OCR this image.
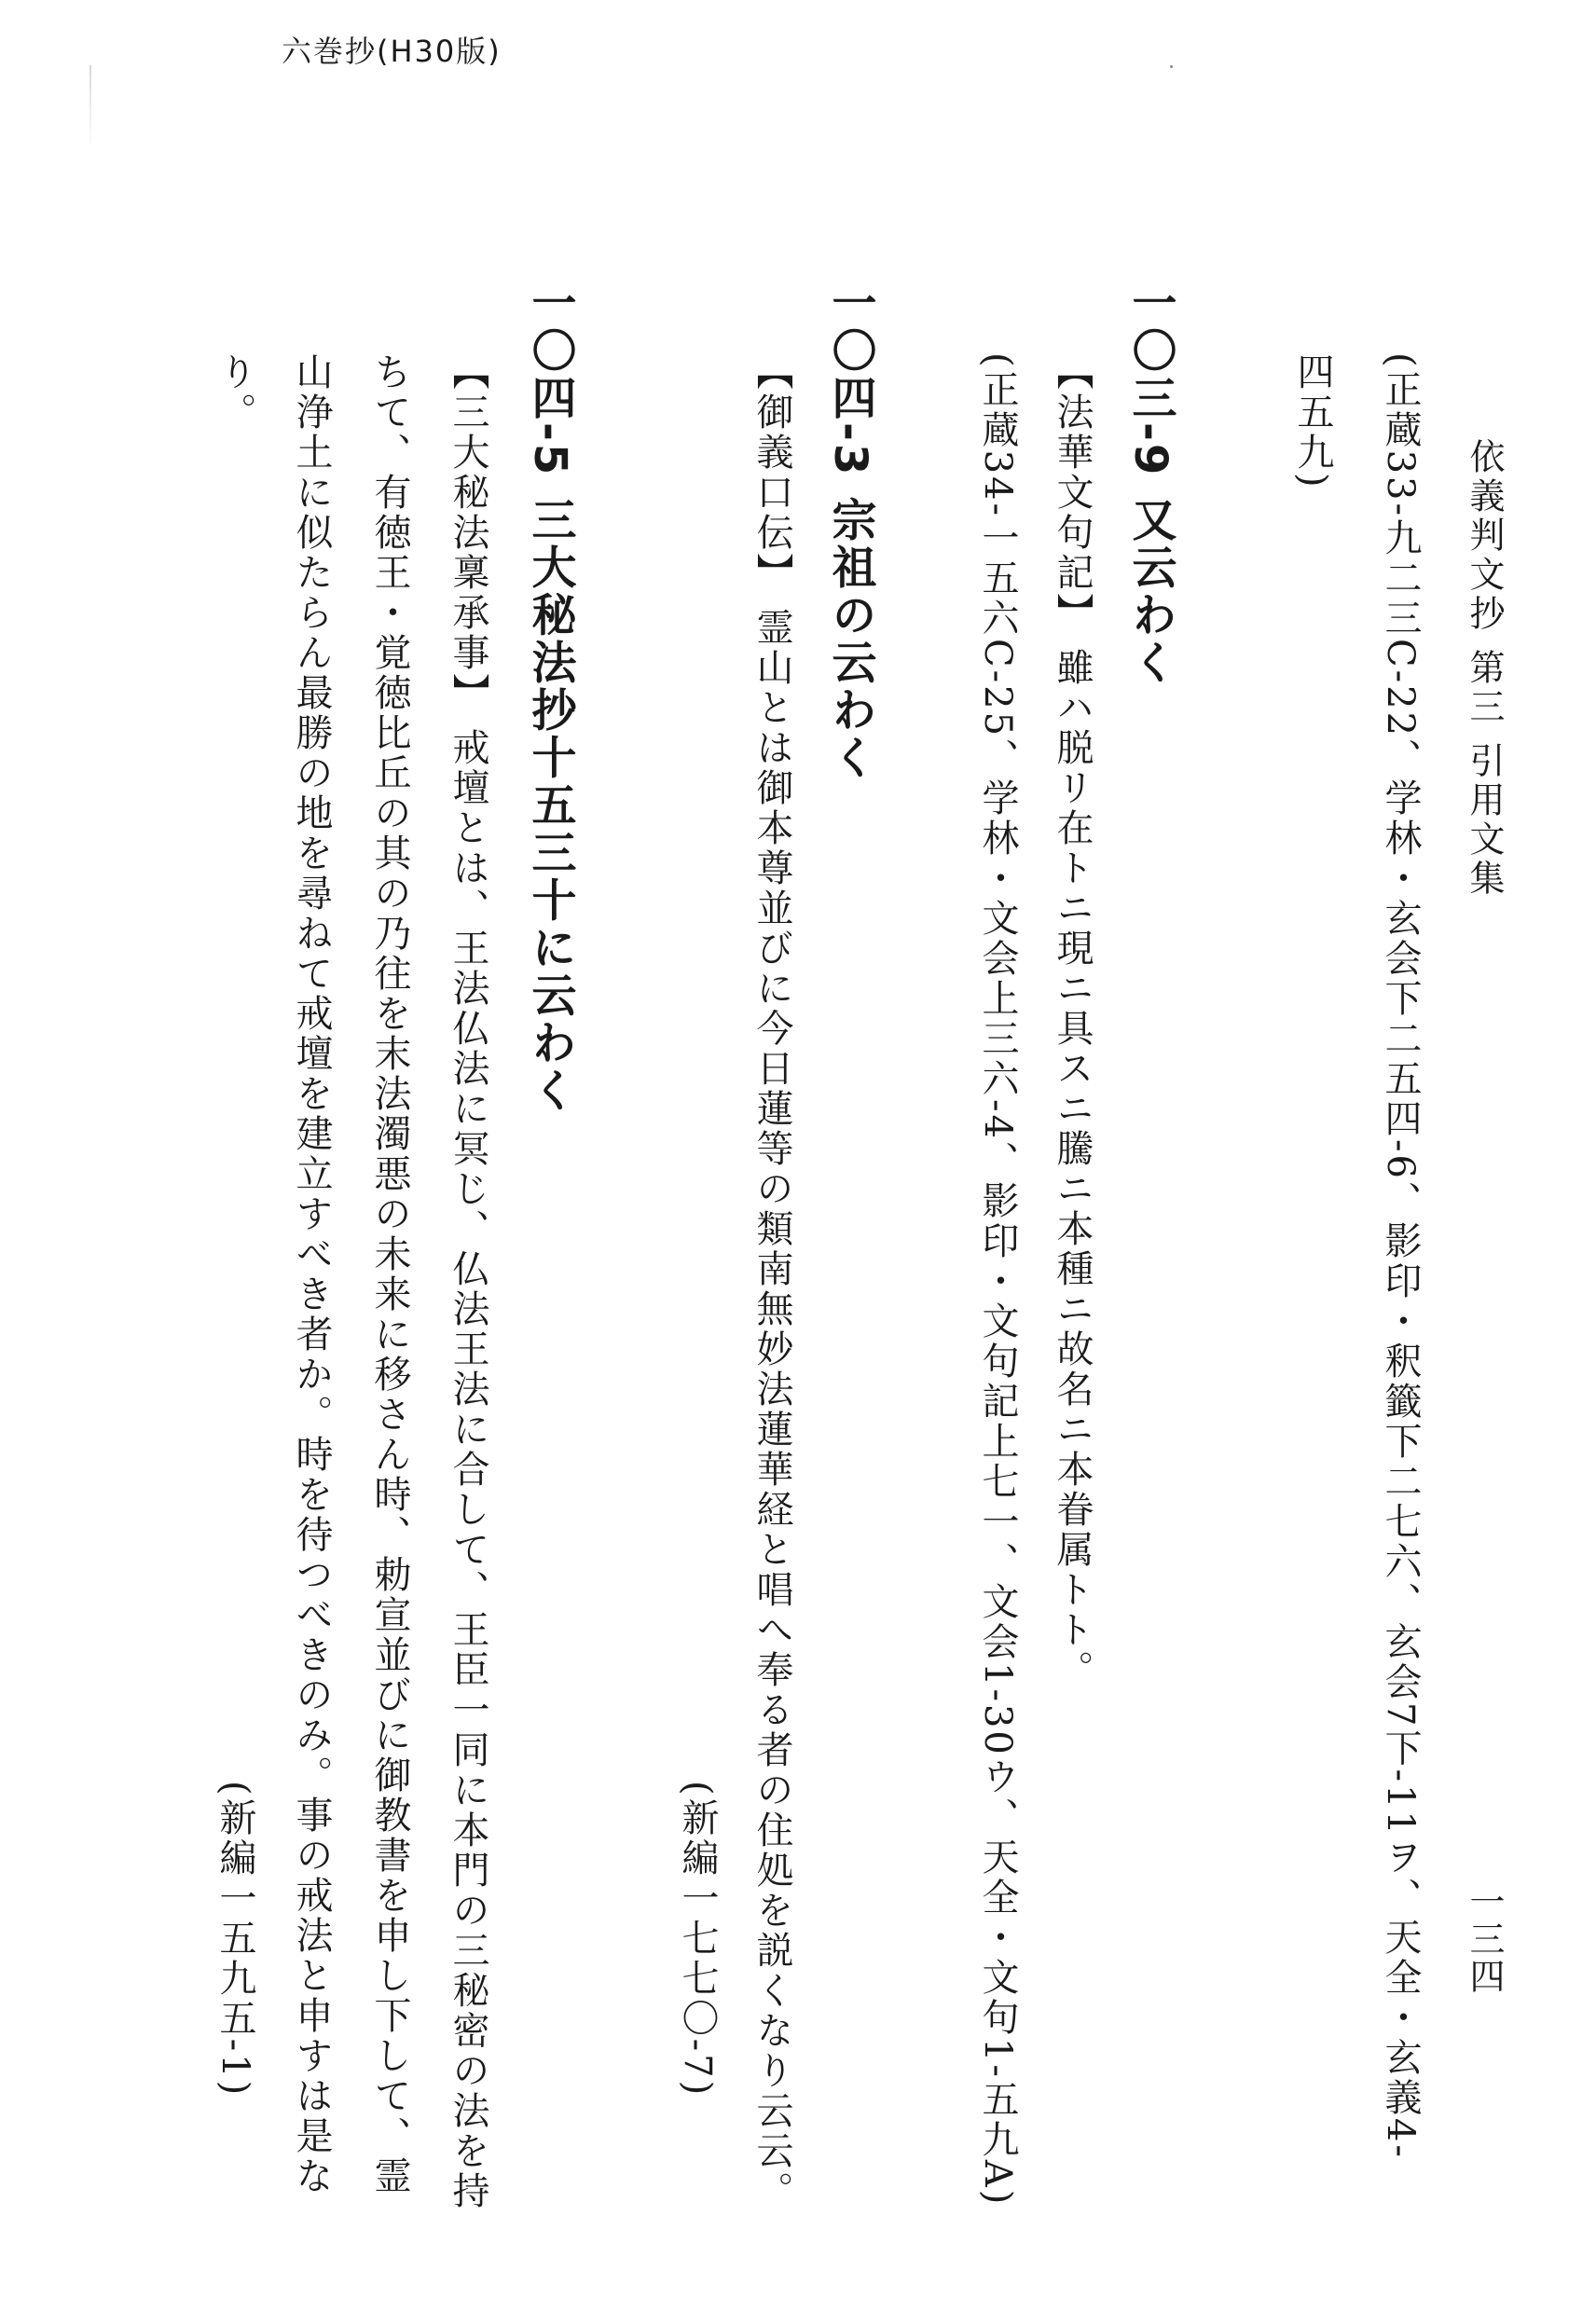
六巻抄(H30版)
依義判文抄 第三 引用文集
一三四
(正蔵33-九二三C-22、学林・玄会下二五四-6、影印・釈籤下二七六、玄会7下-11ヲ、天全・玄義4-
四五九)
一〇三-9 又云わく
【法華文句記】 雖ハ脱リ在トニ現ニ具スニ騰ニ本種ニ故名ニ本眷属トト。
(正蔵34-一五六C-25、学林・文会上三六-4、影印・文句記上七一、文会1-30ウ、天全・文句1-五九A)
一〇四-3 宗祖の云わく
【御義口伝】 霊山とは御本尊並びに今日蓮等の類南無妙法蓮華経と唱へ奉る者の住処を説くなり云云。
(新編一七七〇-7)
一〇四-5 三大秘法抄十五三十に云わく
【三大秘法稟承事】 戒壇とは、王法仏法に冥じ、仏法王法に合して、王臣一同に本門の三秘密の法を持
ちて、有徳王・覚徳比丘の其の乃往を末法濁悪の未来に移さん時、勅宣並びに御教書を申し下して、霊
山浄土に似たらん最勝の地を尋ねて戒壇を建立すべき者か。時を待つべきのみ。事の戒法と申すは是な
(新編一五九五-1)
り。
